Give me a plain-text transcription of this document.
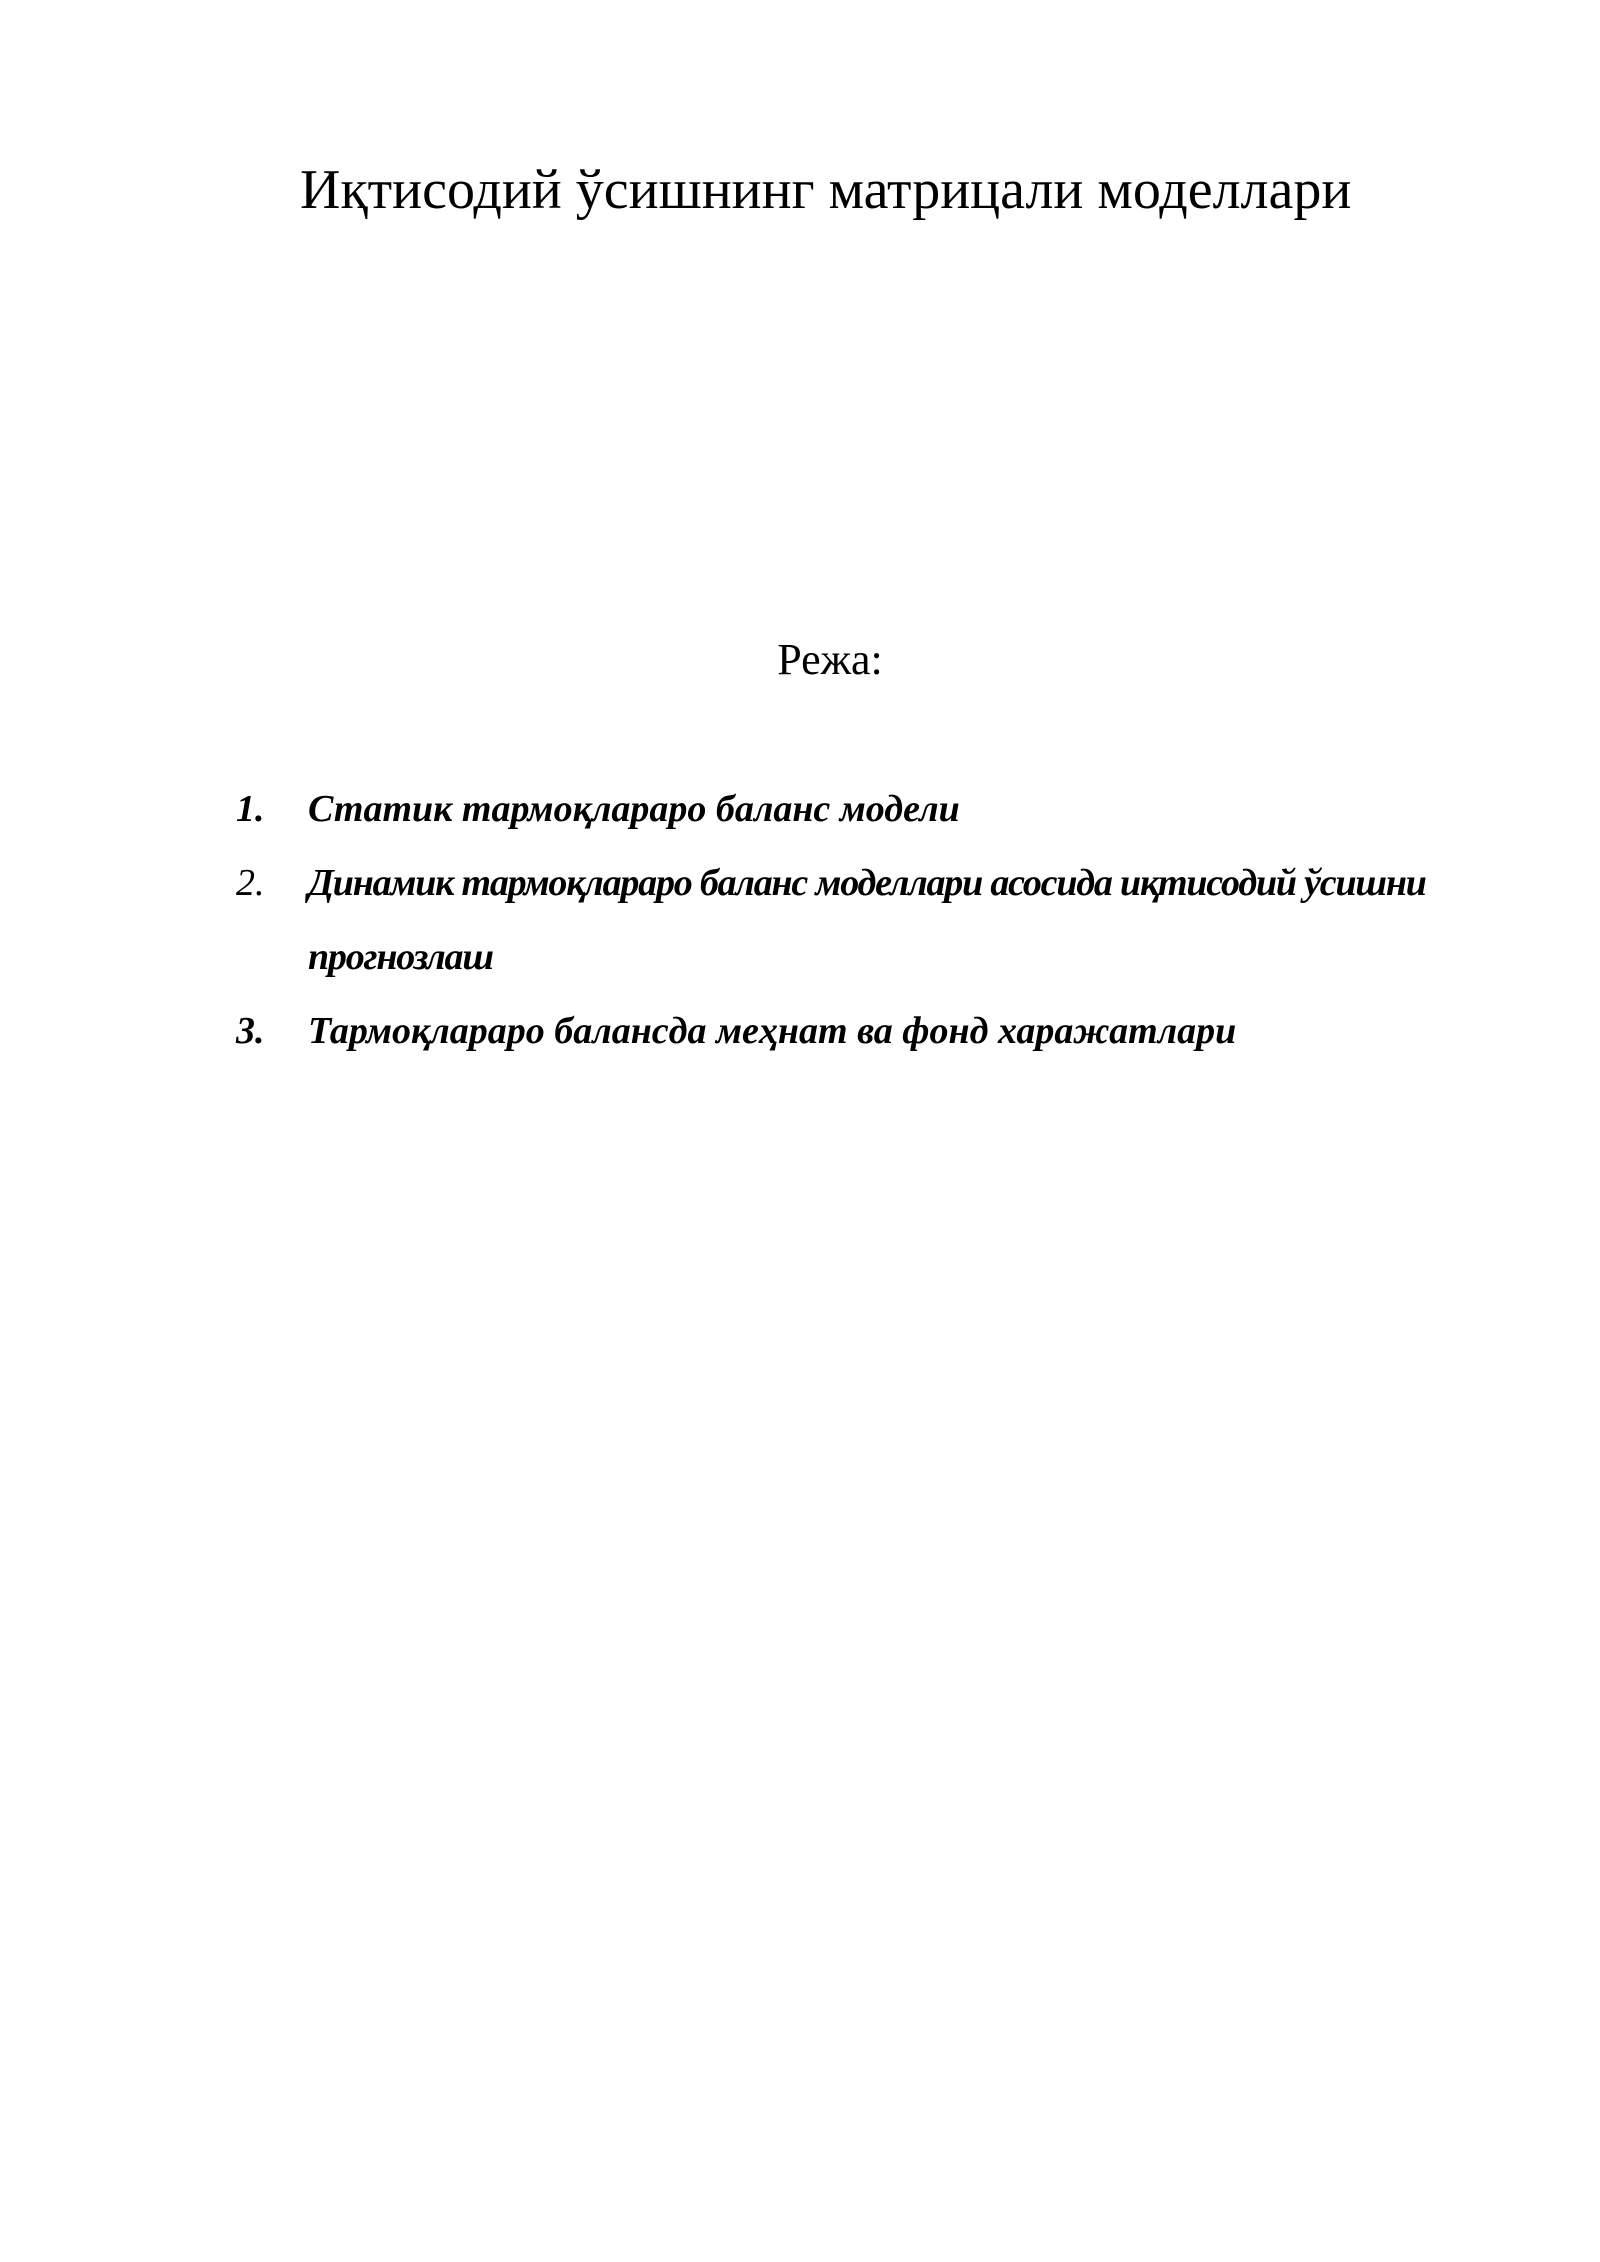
Иқтисодий ўсишнинг матрицали моделлари
Режа:
1. Статик тармоқлараро баланс модели
2. Динамик тармоқлараро баланс моделлари асосида иқтисодий ўсишни прогнозлаш
3. Тармоқлараро балансда меҳнат ва фонд харажатлари
